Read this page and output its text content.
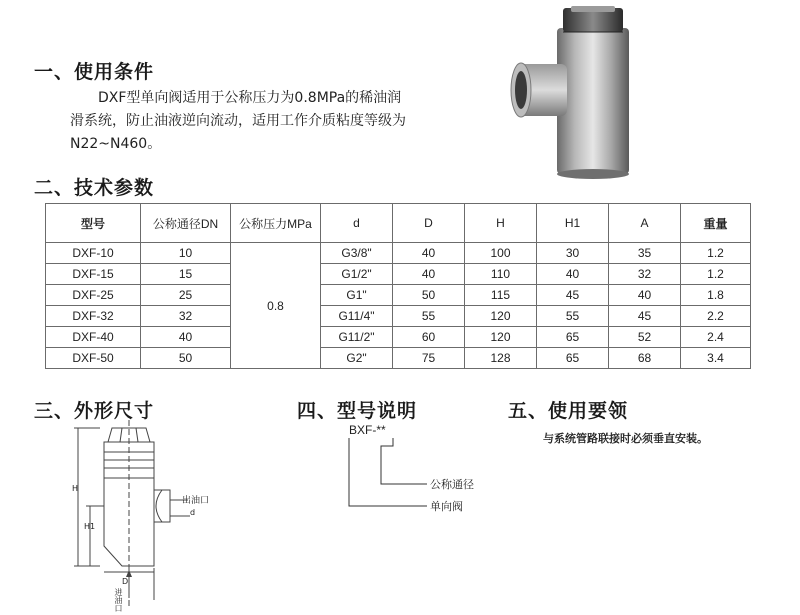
一、使用条件
DXF型单向阀适用于公称压力为0.8MPa的稀油润
滑系统，防止油液逆向流动，适用工作介质粘度等级为
N22~N460。
二、技术参数
型号	公称通径DN	公称压力MPa	d	D	H	H1	A	重量
DXF-10	10	0.8	G3/8"	40	100	30	35	1.2
DXF-15	15		G1/2"	40	110	40	32	1.2
DXF-25	25		G1"	50	115	45	40	1.8
DXF-32	32		G11/4"	55	120	55	45	2.2
DXF-40	40		G11/2"	60	120	65	52	2.4
DXF-50	50		G2"	75	128	65	68	3.4
三、外形尺寸
H
H1
出油口
d
D
进油口
四、型号说明
BXF-**
公称通径
单向阀
五、使用要领
与系统管路联接时必须垂直安装。
